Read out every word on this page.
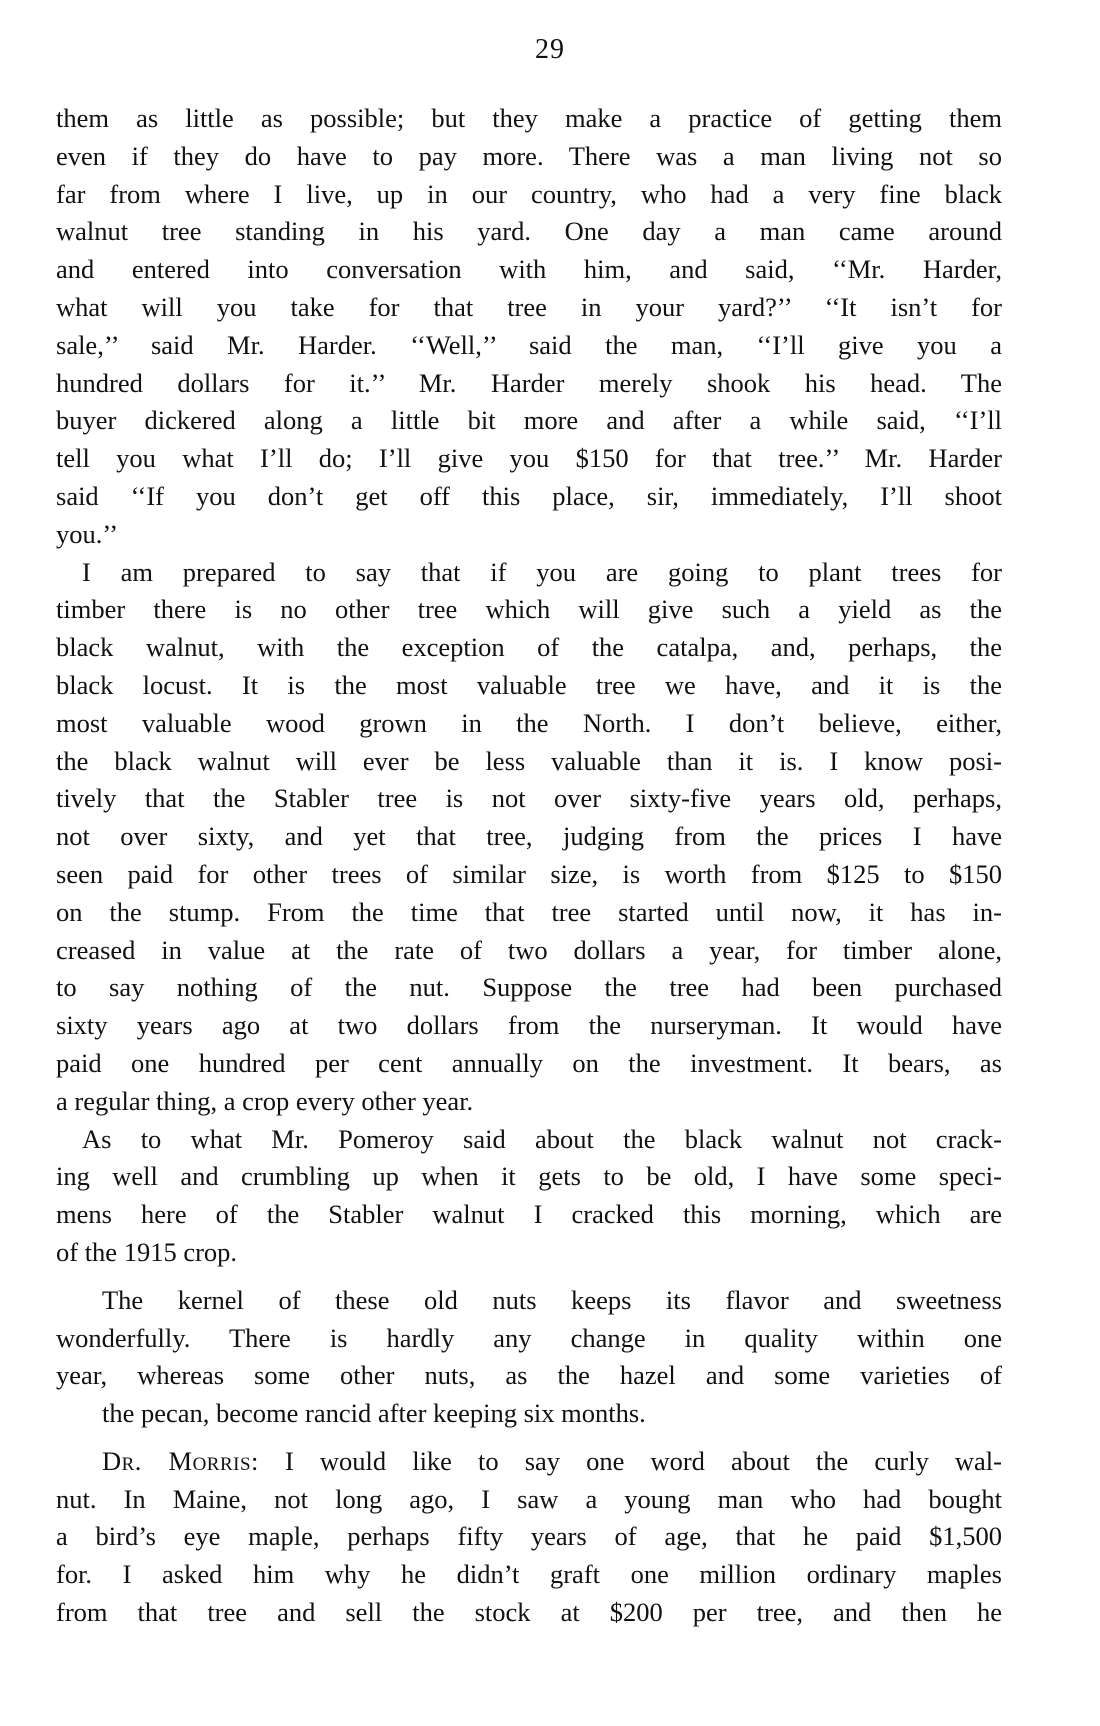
29
them as little as possible; but they make a practice of getting them
even if they do have to pay more. There was a man living not so
far from where I live, up in our country, who had a very fine black
walnut tree standing in his yard. One day a man came around
and entered into conversation with him, and said, ‘‘Mr. Harder,
what will you take for that tree in your yard?’’ ‘‘It isn’t for
sale,’’ said Mr. Harder. ‘‘Well,’’ said the man, ‘‘I’ll give you a
hundred dollars for it.’’ Mr. Harder merely shook his head. The
buyer dickered along a little bit more and after a while said, ‘‘I’ll
tell you what I’ll do; I’ll give you $150 for that tree.’’ Mr. Harder
said ‘‘If you don’t get off this place, sir, immediately, I’ll shoot
you.’’
I am prepared to say that if you are going to plant trees for
timber there is no other tree which will give such a yield as the
black walnut, with the exception of the catalpa, and, perhaps, the
black locust. It is the most valuable tree we have, and it is the
most valuable wood grown in the North. I don’t believe, either,
the black walnut will ever be less valuable than it is. I know posi-
tively that the Stabler tree is not over sixty-five years old, perhaps,
not over sixty, and yet that tree, judging from the prices I have
seen paid for other trees of similar size, is worth from $125 to $150
on the stump. From the time that tree started until now, it has in-
creased in value at the rate of two dollars a year, for timber alone,
to say nothing of the nut. Suppose the tree had been purchased
sixty years ago at two dollars from the nurseryman. It would have
paid one hundred per cent annually on the investment. It bears, as
a regular thing, a crop every other year.
As to what Mr. Pomeroy said about the black walnut not crack-
ing well and crumbling up when it gets to be old, I have some speci-
mens here of the Stabler walnut I cracked this morning, which are
of the 1915 crop.
The kernel of these old nuts keeps its flavor and sweetness
wonderfully. There is hardly any change in quality within one
year, whereas some other nuts, as the hazel and some varieties of
the pecan, become rancid after keeping six months.
Dr. Morris: I would like to say one word about the curly wal-
nut. In Maine, not long ago, I saw a young man who had bought
a bird’s eye maple, perhaps fifty years of age, that he paid $1,500
for. I asked him why he didn’t graft one million ordinary maples
from that tree and sell the stock at $200 per tree, and then he
